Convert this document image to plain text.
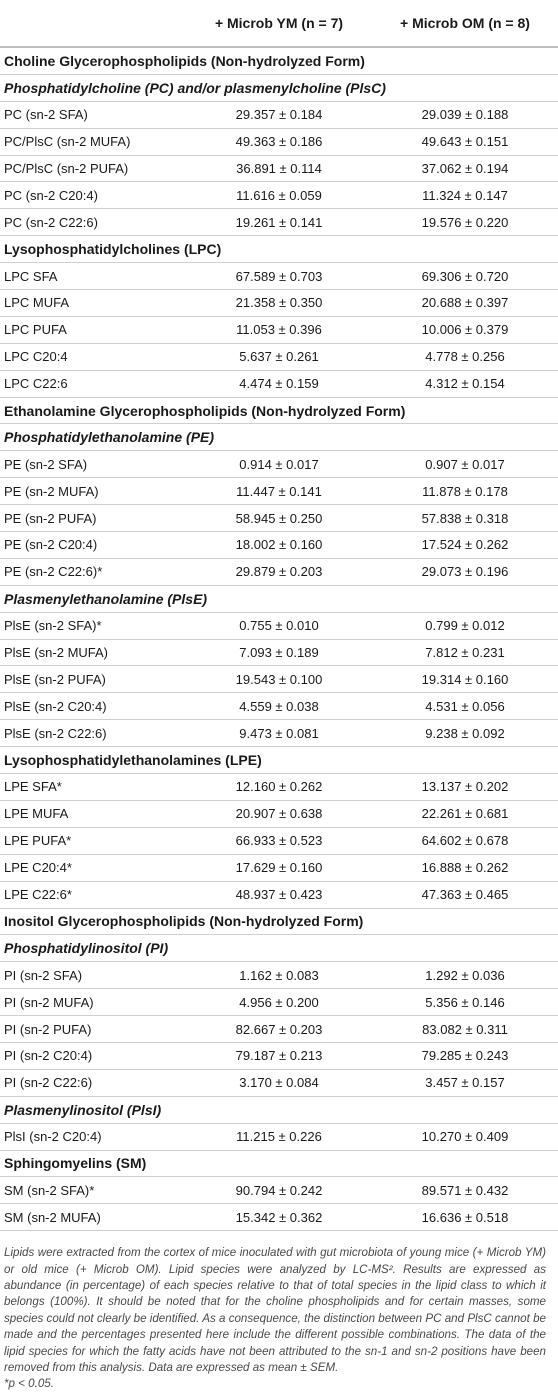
	+ Microb YM (n = 7)	+ Microb OM (n = 8)
Choline Glycerophospholipids (Non-hydrolyzed Form)		
Phosphatidylcholine (PC) and/or plasmenylcholine (PlsC)		
PC (sn-2 SFA)	29.357 ± 0.184	29.039 ± 0.188
PC/PlsC (sn-2 MUFA)	49.363 ± 0.186	49.643 ± 0.151
PC/PlsC (sn-2 PUFA)	36.891 ± 0.114	37.062 ± 0.194
PC (sn-2 C20:4)	11.616 ± 0.059	11.324 ± 0.147
PC (sn-2 C22:6)	19.261 ± 0.141	19.576 ± 0.220
Lysophosphatidylcholines (LPC)		
LPC SFA	67.589 ± 0.703	69.306 ± 0.720
LPC MUFA	21.358 ± 0.350	20.688 ± 0.397
LPC PUFA	11.053 ± 0.396	10.006 ± 0.379
LPC C20:4	5.637 ± 0.261	4.778 ± 0.256
LPC C22:6	4.474 ± 0.159	4.312 ± 0.154
Ethanolamine Glycerophospholipids (Non-hydrolyzed Form)		
Phosphatidylethanolamine (PE)		
PE (sn-2 SFA)	0.914 ± 0.017	0.907 ± 0.017
PE (sn-2 MUFA)	11.447 ± 0.141	11.878 ± 0.178
PE (sn-2 PUFA)	58.945 ± 0.250	57.838 ± 0.318
PE (sn-2 C20:4)	18.002 ± 0.160	17.524 ± 0.262
PE (sn-2 C22:6)*	29.879 ± 0.203	29.073 ± 0.196
Plasmenylethanolamine (PlsE)		
PlsE (sn-2 SFA)*	0.755 ± 0.010	0.799 ± 0.012
PlsE (sn-2 MUFA)	7.093 ± 0.189	7.812 ± 0.231
PlsE (sn-2 PUFA)	19.543 ± 0.100	19.314 ± 0.160
PlsE (sn-2 C20:4)	4.559 ± 0.038	4.531 ± 0.056
PlsE (sn-2 C22:6)	9.473 ± 0.081	9.238 ± 0.092
Lysophosphatidylethanolamines (LPE)		
LPE SFA*	12.160 ± 0.262	13.137 ± 0.202
LPE MUFA	20.907 ± 0.638	22.261 ± 0.681
LPE PUFA*	66.933 ± 0.523	64.602 ± 0.678
LPE C20:4*	17.629 ± 0.160	16.888 ± 0.262
LPE C22:6*	48.937 ± 0.423	47.363 ± 0.465
Inositol Glycerophospholipids (Non-hydrolyzed Form)		
Phosphatidylinositol (PI)		
PI (sn-2 SFA)	1.162 ± 0.083	1.292 ± 0.036
PI (sn-2 MUFA)	4.956 ± 0.200	5.356 ± 0.146
PI (sn-2 PUFA)	82.667 ± 0.203	83.082 ± 0.311
PI (sn-2 C20:4)	79.187 ± 0.213	79.285 ± 0.243
PI (sn-2 C22:6)	3.170 ± 0.084	3.457 ± 0.157
Plasmenylinositol (PlsI)		
PlsI (sn-2 C20:4)	11.215 ± 0.226	10.270 ± 0.409
Sphingomyelins (SM)		
SM (sn-2 SFA)*	90.794 ± 0.242	89.571 ± 0.432
SM (sn-2 MUFA)	15.342 ± 0.362	16.636 ± 0.518

Lipids were extracted from the cortex of mice inoculated with gut microbiota of young mice (+ Microb YM) or old mice (+ Microb OM). Lipid species were analyzed by LC-MS². Results are expressed as abundance (in percentage) of each species relative to that of total species in the lipid class to which it belongs (100%). It should be noted that for the choline phospholipids and for certain masses, some species could not clearly be identified. As a consequence, the distinction between PC and PlsC cannot be made and the percentages presented here include the different possible combinations. The data of the lipid species for which the fatty acids have not been attributed to the sn-1 and sn-2 positions have been removed from this analysis. Data are expressed as mean ± SEM.
*p < 0.05.
